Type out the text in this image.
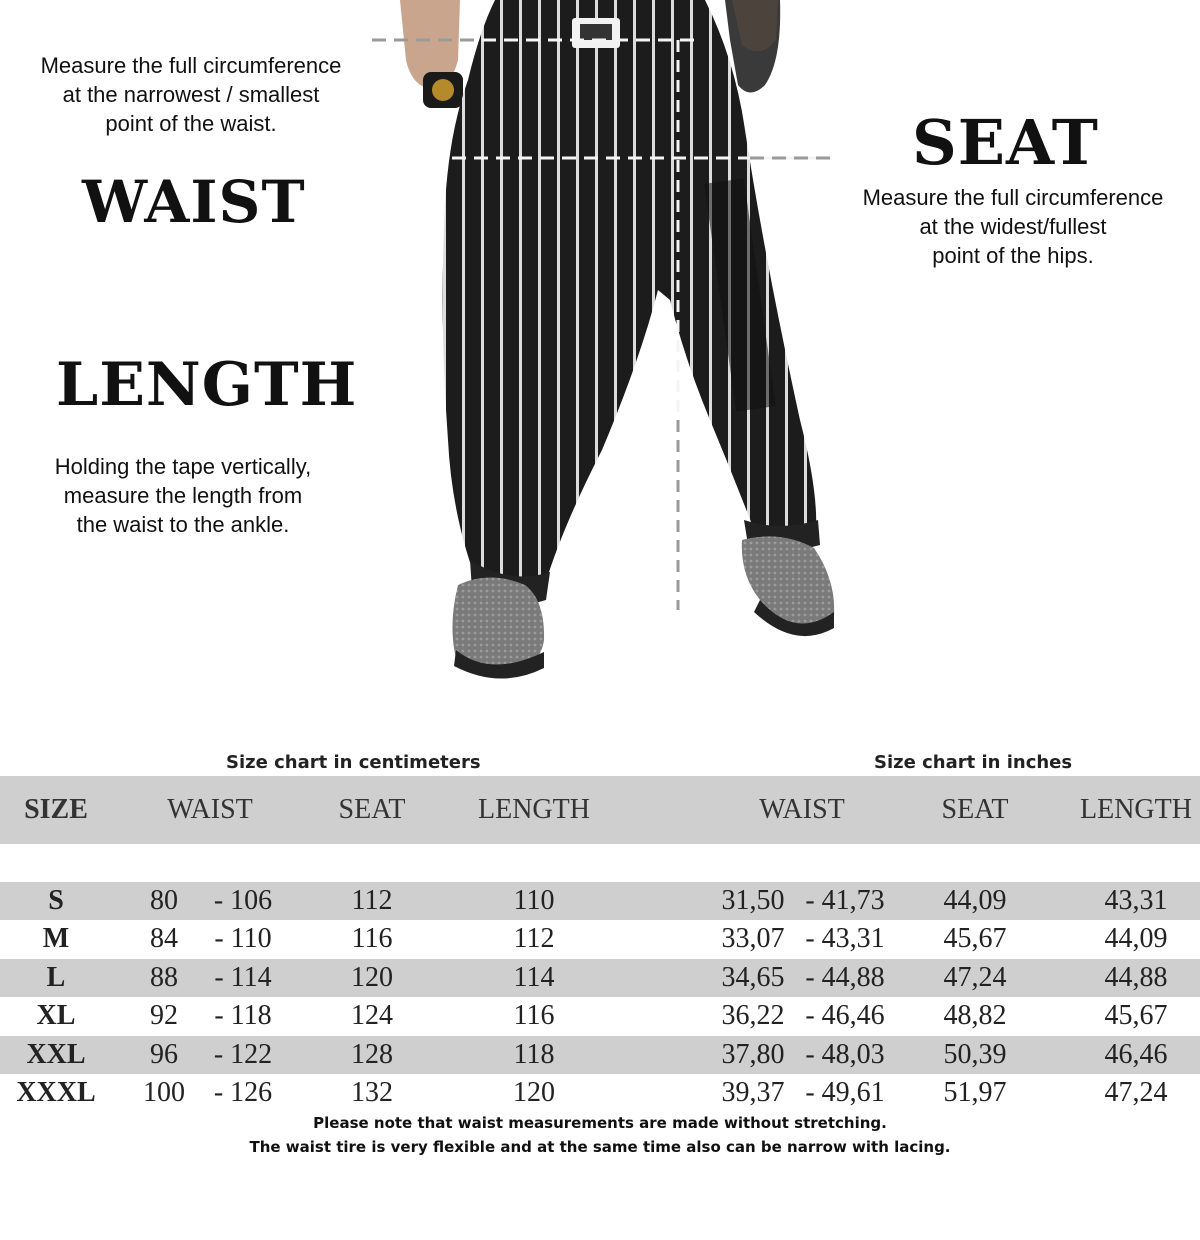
Measure the full circumference
at the narrowest / smallest
point of the waist.
WAIST
SEAT
Measure the full circumference
at the widest/fullest
point of the hips.
LENGTH
Holding the tape vertically,
measure the length from
the waist to the ankle.
Size chart in centimeters	Size chart in inches
SIZE	WAIST	SEAT	LENGTH	WAIST	SEAT	LENGTH
S	80 - 106	112	110	31,50 - 41,73 44,09	43,31
M	84 - 110	116	112	33,07 - 43,31 45,67	44,09
L	88 - 114	120	114	34,65 - 44,88 47,24	44,88
XL	92 - 118	124	116	36,22 - 46,46 48,82	45,67
XXL 96 - 122	128	118	37,80 - 48,03 50,39	46,46
XXXL 100 - 126	132	120	39,37 - 49,61 51,97	47,24
Please note that waist measurements are made without stretching.
The waist tire is very flexible and at the same time also can be narrow with lacing.
